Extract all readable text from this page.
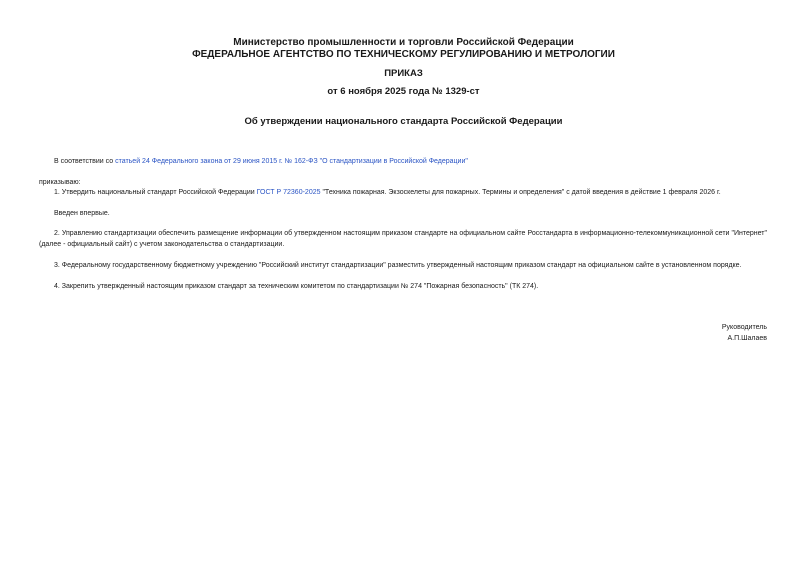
Министерство промышленности и торговли Российской Федерации
ФЕДЕРАЛЬНОЕ АГЕНТСТВО ПО ТЕХНИЧЕСКОМУ РЕГУЛИРОВАНИЮ И МЕТРОЛОГИИ
ПРИКАЗ
от 6 ноября 2025 года № 1329-ст
Об утверждении национального стандарта Российской Федерации
В соответствии со статьей 24 Федерального закона от 29 июня 2015 г. № 162-ФЗ "О стандартизации в Российской Федерации"
приказываю:
1. Утвердить национальный стандарт Российской Федерации ГОСТ Р 72360-2025 "Техника пожарная. Экзоскелеты для пожарных. Термины и определения" с датой введения в действие 1 февраля 2026 г.
Введен впервые.
2. Управлению стандартизации обеспечить размещение информации об утвержденном настоящим приказом стандарте на официальном сайте Росстандарта в информационно-телекоммуникационной сети "Интернет" (далее - официальный сайт) с учетом законодательства о стандартизации.
3. Федеральному государственному бюджетному учреждению "Российский институт стандартизации" разместить утвержденный настоящим приказом стандарт на официальном сайте в установленном порядке.
4. Закрепить утвержденный настоящим приказом стандарт за техническим комитетом по стандартизации № 274 "Пожарная безопасность" (ТК 274).
Руководитель
А.П.Шалаев
